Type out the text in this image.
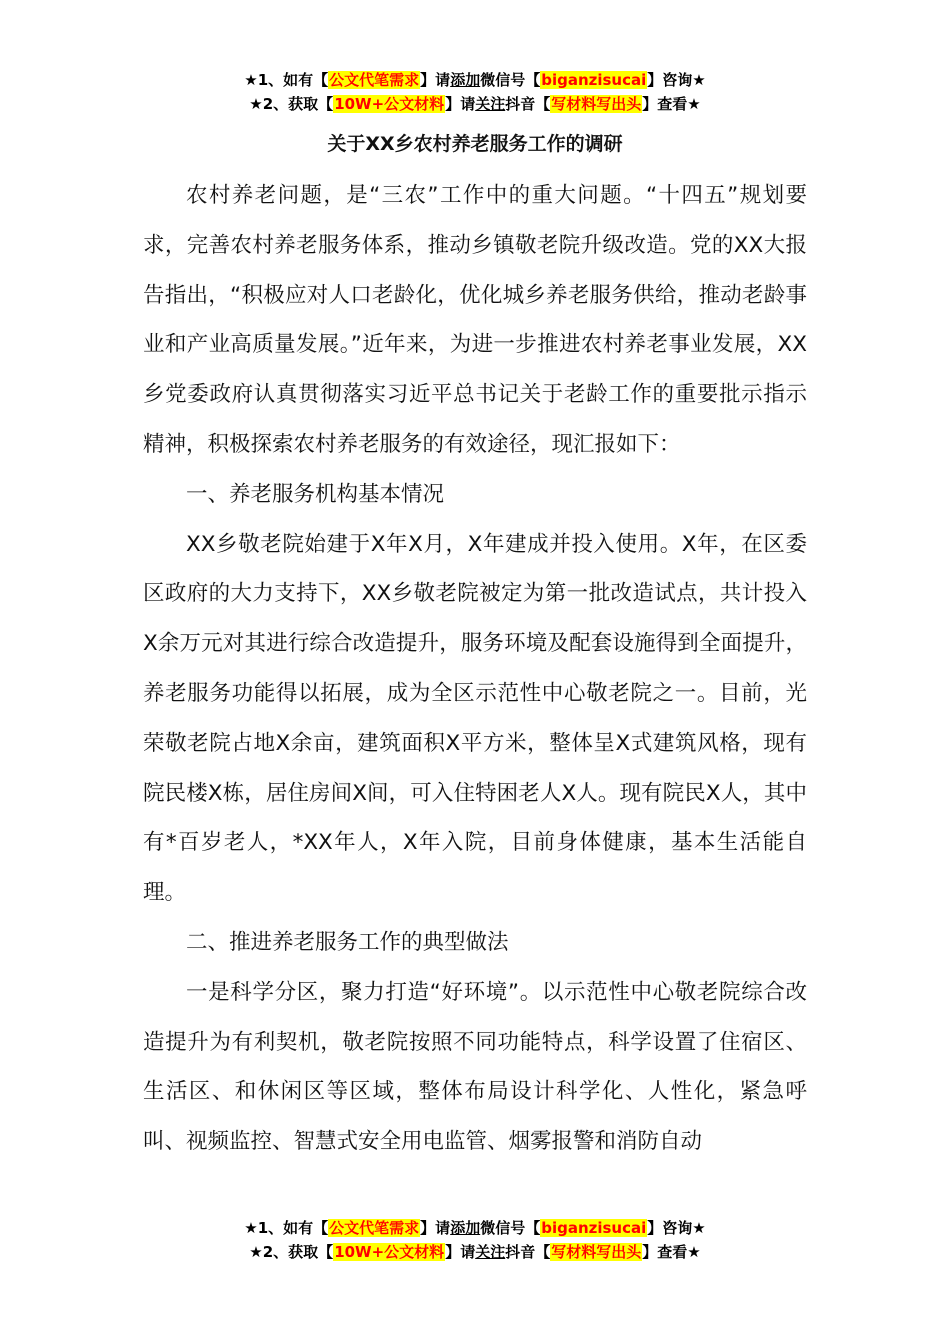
★1、如有【公文代笔需求】请添加微信号【biganzisucai】咨询★
★2、获取【10W+公文材料】请关注抖音【写材料写出头】查看★
关于XX乡农村养老服务工作的调研

农村养老问题，是“三农”工作中的重大问题。“十四五”规划要求，完善农村养老服务体系，推动乡镇敬老院升级改造。党的XX大报告指出，“积极应对人口老龄化，优化城乡养老服务供给，推动老龄事业和产业高质量发展。”近年来，为进一步推进农村养老事业发展，XX乡党委政府认真贯彻落实习近平总书记关于老龄工作的重要批示指示精神，积极探索农村养老服务的有效途径，现汇报如下：

一、养老服务机构基本情况

XX乡敬老院始建于X年X月，X年建成并投入使用。X年，在区委区政府的大力支持下，XX乡敬老院被定为第一批改造试点，共计投入X余万元对其进行综合改造提升，服务环境及配套设施得到全面提升，养老服务功能得以拓展，成为全区示范性中心敬老院之一。目前，光荣敬老院占地X余亩，建筑面积X平方米，整体呈X式建筑风格，现有院民楼X栋，居住房间X间，可入住特困老人X人。现有院民X人，其中有*百岁老人，*XX年人，X年入院，目前身体健康，基本生活能自理。

二、推进养老服务工作的典型做法

一是科学分区，聚力打造“好环境”。以示范性中心敬老院综合改造提升为有利契机，敬老院按照不同功能特点，科学设置了住宿区、生活区、和休闲区等区域，整体布局设计科学化、人性化，紧急呼叫、视频监控、智慧式安全用电监管、烟雾报警和消防自动

★1、如有【公文代笔需求】请添加微信号【biganzisucai】咨询★
★2、获取【10W+公文材料】请关注抖音【写材料写出头】查看★
